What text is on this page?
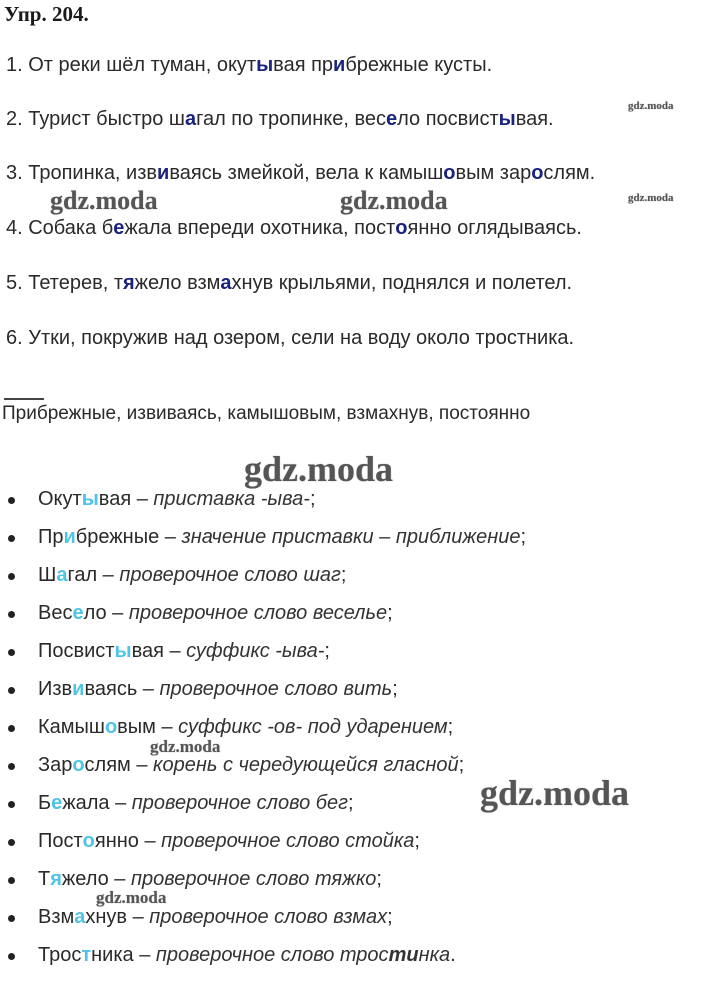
Упр. 204.
1. От реки шёл туман, окутывая прибрежные кусты.
2. Турист быстро шагал по тропинке, весело посвистывая.
3. Тропинка, извиваясь змейкой, вела к камышовым зарослям.
4. Собака бежала впереди охотника, постоянно оглядываясь.
5. Тетерев, тяжело взмахнув крыльями, поднялся и полетел.
6. Утки, покружив над озером, сели на воду около тростника.
Прибрежные, извиваясь, камышовым, взмахнув, постоянно
Окутывая – приставка -ыва-;
Прибрежные – значение приставки – приближение;
Шагал – проверочное слово шаг;
Весело – проверочное слово веселье;
Посвистывая – суффикс -ыва-;
Извиваясь – проверочное слово вить;
Камышовым – суффикс -ов- под ударением;
Зарослям – корень с чередующейся гласной;
Бежала – проверочное слово бег;
Постоянно – проверочное слово стойка;
Тяжело – проверочное слово тяжко;
Взмахнув – проверочное слово взмах;
Тростника – проверочное слово тростинка.
gdz.moda
gdz.moda
gdz.moda	gdz.moda
gdz.moda
gdz.moda
gdz.moda
gdz.moda
